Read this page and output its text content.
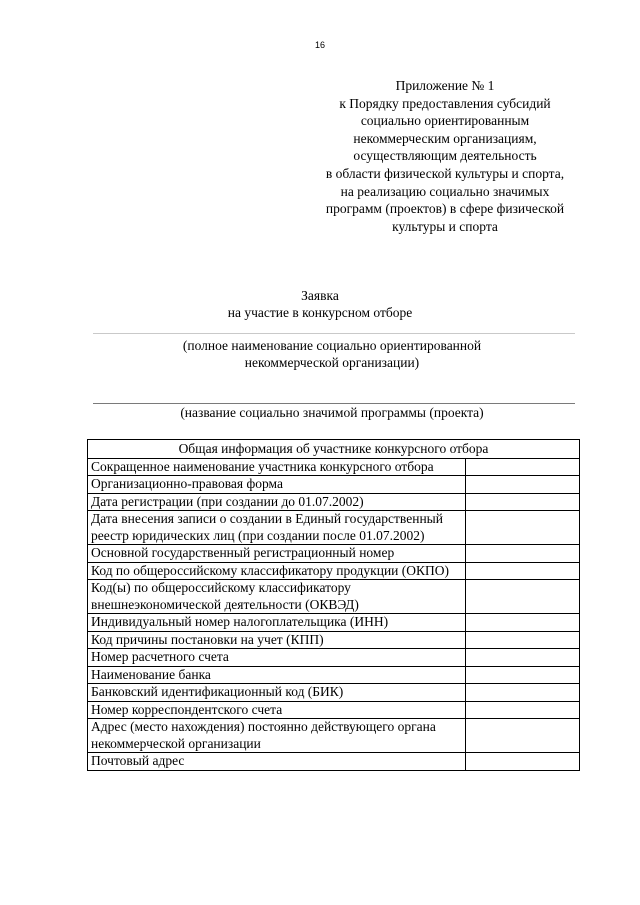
16
Приложение № 1
к Порядку предоставления субсидий
социально ориентированным
некоммерческим организациям,
осуществляющим деятельность
в области физической культуры и спорта,
на реализацию социально значимых
программ (проектов) в сфере физической
культуры и спорта
Заявка
на участие в конкурсном отборе
(полное наименование социально ориентированной
некоммерческой организации)
(название социально значимой программы (проекта)
Общая информация об участнике конкурсного отбора	
Сокращенное наименование участника конкурсного отбора	
Организационно-правовая форма	
Дата регистрации (при создании до 01.07.2002)	
Дата внесения записи о создании в Единый государственный реестр юридических лиц (при создании после 01.07.2002)	
Основной государственный регистрационный номер	
Код по общероссийскому классификатору продукции (ОКПО)	
Код(ы) по общероссийскому классификатору внешнеэкономической деятельности (ОКВЭД)	
Индивидуальный номер налогоплательщика (ИНН)	
Код причины постановки на учет (КПП)	
Номер расчетного счета	
Наименование банка	
Банковский идентификационный код (БИК)	
Номер корреспондентского счета	
Адрес (место нахождения) постоянно действующего органа некоммерческой организации	
Почтовый адрес	
